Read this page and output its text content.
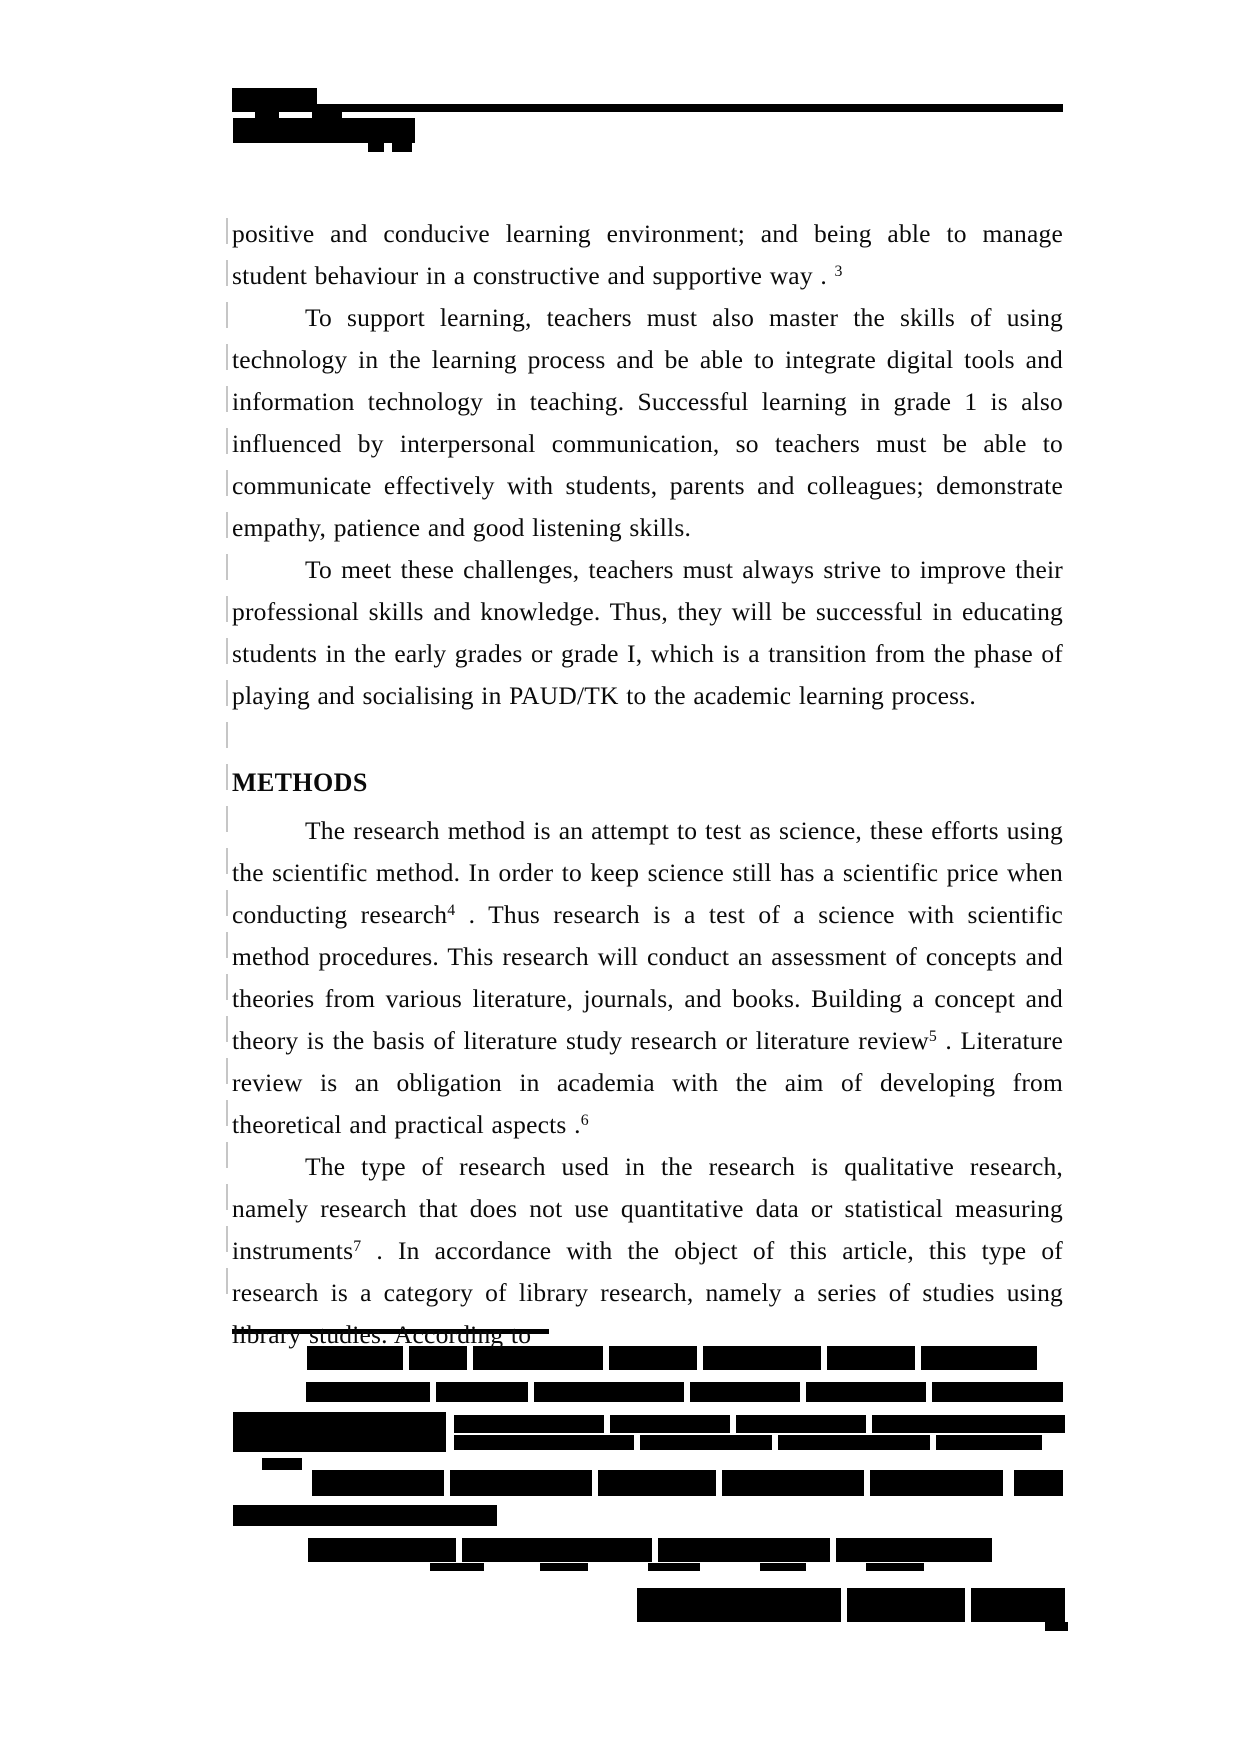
positive and conducive learning environment; and being able to manage student behaviour in a constructive and supportive way . $^3$

To support learning, teachers must also master the skills of using technology in the learning process and be able to integrate digital tools and information technology in teaching. Successful learning in grade 1 is also influenced by interpersonal communication, so teachers must be able to communicate effectively with students, parents and colleagues; demonstrate empathy, patience and good listening skills.

To meet these challenges, teachers must always strive to improve their professional skills and knowledge. Thus, they will be successful in educating students in the early grades or grade I, which is a transition from the phase of playing and socialising in PAUD/TK to the academic learning process.

METHODS

The research method is an attempt to test as science, these efforts using the scientific method. In order to keep science still has a scientific price when conducting research$^4$ . Thus research is a test of a science with scientific method procedures. This research will conduct an assessment of concepts and theories from various literature, journals, and books. Building a concept and theory is the basis of literature study research or literature review$^5$ . Literature review is an obligation in academia with the aim of developing from theoretical and practical aspects .$^6$

The type of research used in the research is qualitative research, namely research that does not use quantitative data or statistical measuring instruments$^7$ . In accordance with the object of this article, this type of research is a category of library research, namely a series of studies using library studies. According to
